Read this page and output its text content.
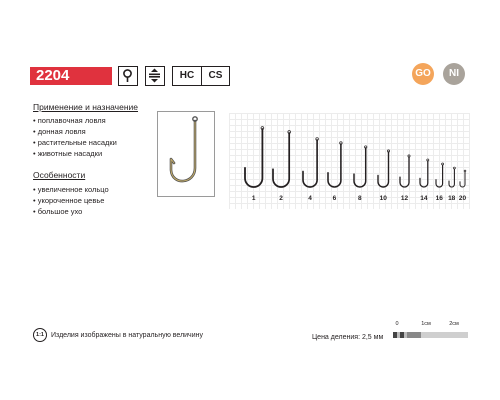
2204	HC	CS	GO	NI
Применение и назначение
• поплавочная ловля
• донная ловля
• растительные насадки
• животные насадки
Особенности
• увеличенное кольцо
• укороченное цевье
• большое ухо
1	2	4	6	8	10 12 14 16 18 20
1:1 Изделия изображены в натуральную величину	Цена деления: 2,5 мм
0	1см	2см
